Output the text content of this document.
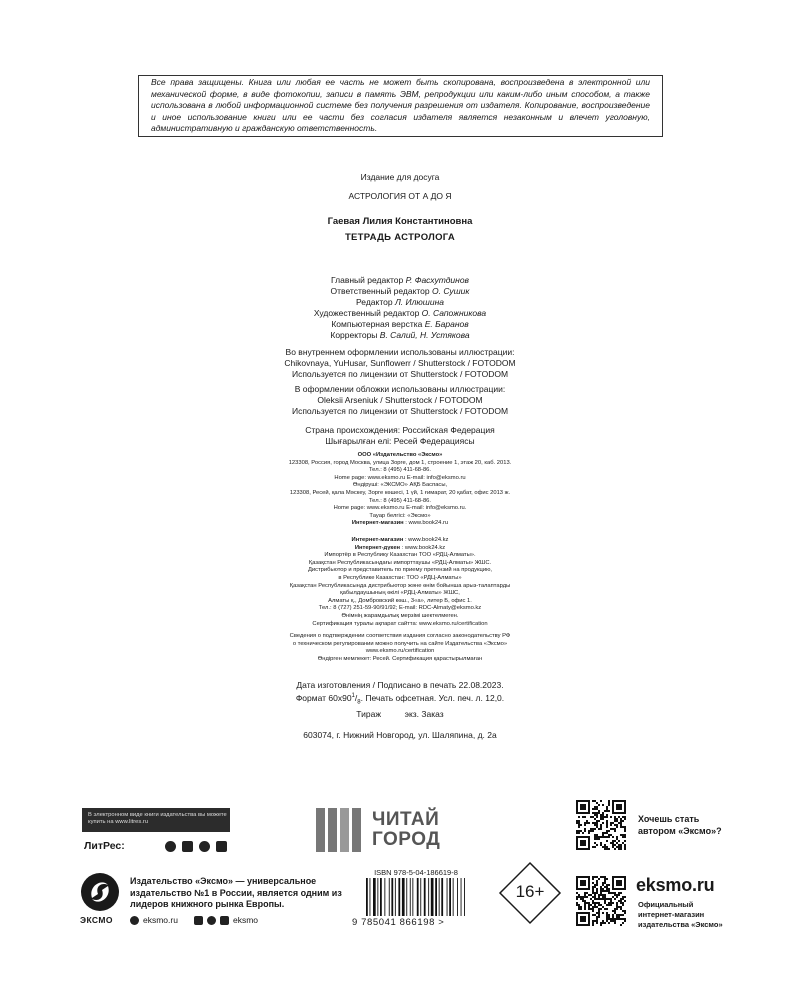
Все права защищены. Книга или любая ее часть не может быть скопирована, воспроизведена в электронной или механической форме, в виде фотокопии, записи в память ЭВМ, репродукции или каким-либо иным способом, а также использована в любой информационной системе без получения разрешения от издателя. Копирование, воспроизведение и иное использование книги или ее части без согласия издателя является незаконным и влечет уголовную, административную и гражданскую ответственность.

Издание для досуга
АСТРОЛОГИЯ ОТ А ДО Я
Гаевая Лилия Константиновна
ТЕТРАДЬ АСТРОЛОГА
Главный редактор Р. Фасхутдинов
Ответственный редактор О. Сушик
Редактор Л. Илюшина
Художественный редактор О. Сапожникова
Компьютерная верстка Е. Баранов
Корректоры В. Салий, Н. Устякова
Во внутреннем оформлении использованы иллюстрации:
Chikovnaya, YuHusar, Sunflowerr / Shutterstock / FOTODOM
Используется по лицензии от Shutterstock / FOTODOM
В оформлении обложки использованы иллюстрации:
Oleksii Arseniuk / Shutterstock / FOTODOM
Используется по лицензии от Shutterstock / FOTODOM
Страна происхождения: Российская Федерация
Шығарылған елі: Ресей Федерациясы
ООО «Издательство «Эксмо»
123308, Россия, город Москва, улица Зорге, дом 1, строение 1, этаж 20, каб. 2013.
Тел.: 8 (495) 411-68-86.
Home page: www.eksmo.ru E-mail: info@eksmo.ru
Өндіруші: «ЭКСМО» АҚБ Баспасы,
123308, Ресей, қала Мәскеу, Зорге көшесі, 1 үй, 1 ғимарат, 20 қабат, офис 2013 ж.
Тел.: 8 (495) 411-68-86.
Home page: www.eksmo.ru E-mail: info@eksmo.ru.
Тауар белгісі: «Эксмо»
Интернет-магазин : www.book24.ru
Интернет-магазин : www.book24.kz
Интернет-дүкен : www.book24.kz
Импортёр в Республику Казахстан ТОО «РДЦ-Алматы».
Қазақстан Республикасындағы импорттаушы «РДЦ-Алматы» ЖШС.
Дистрибьютор и представитель по приему претензий на продукцию,
в Республике Казахстан: ТОО «РДЦ-Алматы»
Қазақстан Республикасында дистрибьютор және өнім бойынша арыз-талаптарды
қабылдаушының өкілі «РДЦ-Алматы» ЖШС,
Алматы қ., Домбровский көш., 3«а», литер Б, офис 1.
Тел.: 8 (727) 251-59-90/91/92; E-mail: RDC-Almaty@eksmo.kz
Өнімнің жарамдылық мерзімі шектелмеген.
Сертификация туралы ақпарат сайтта: www.eksmo.ru/certification
Сведения о подтверждении соответствия издания согласно законодательству РФ
о техническом регулировании можно получить на сайте Издательства «Эксмо»
www.eksmo.ru/certification
Өндірген мемлекет: Ресей. Сертификация қарастырылмаған
Дата изготовления / Подписано в печать 22.08.2023.
Формат $60х90^1/_8$. Печать офсетная. Усл. печ. л. 12,0.
Тираж          экз. Заказ
603074, г. Нижний Новгород, ул. Шаляпина, д. 2а
В электронном виде книги издательства вы можете
купить на www.litres.ru
ЛитРес:
ЧИТАЙ
ГОРОД
Хочешь стать
автором «Эксмо»?
ЭКСМО
Издательство «Эксмо» — универсальное издательство №1 в России, является одним из лидеров книжного рынка Европы.
eksmo.ru	eksmo
ISBN 978-5-04-186619-8
9 785041 866198 >
16+	eksmo.ru
Официальный
интернет-магазин
издательства «Эксмо»
